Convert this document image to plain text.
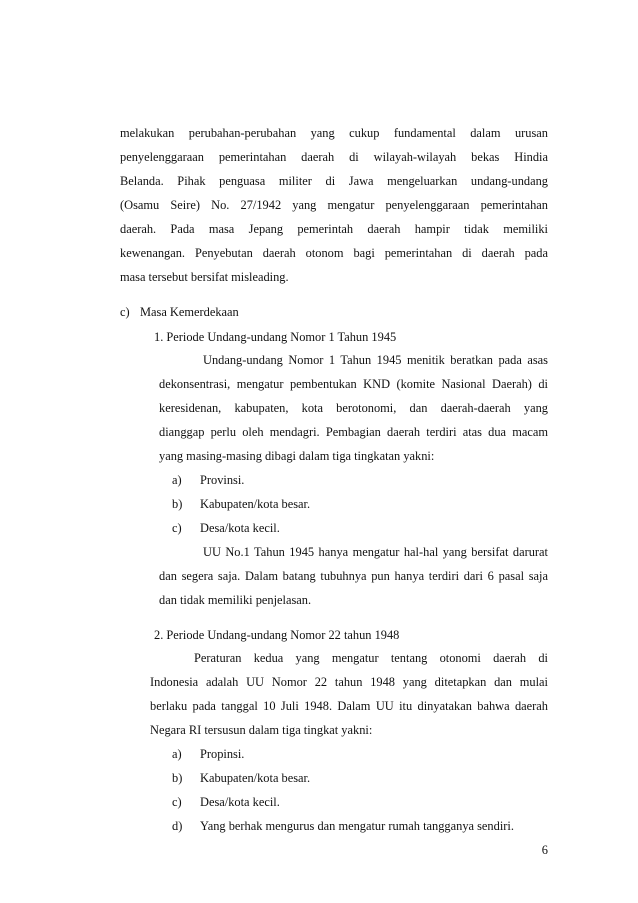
melakukan perubahan-perubahan yang cukup fundamental dalam urusan
penyelenggaraan pemerintahan daerah di wilayah-wilayah bekas Hindia
Belanda. Pihak penguasa militer di Jawa mengeluarkan undang-undang
(Osamu Seire) No. 27/1942 yang mengatur penyelenggaraan pemerintahan
daerah. Pada masa Jepang pemerintah daerah hampir tidak memiliki
kewenangan. Penyebutan daerah otonom bagi pemerintahan di daerah pada
masa tersebut bersifat misleading.
c) Masa Kemerdekaan
1. Periode Undang-undang Nomor 1 Tahun 1945
Undang-undang Nomor 1 Tahun 1945 menitik beratkan pada asas
dekonsentrasi, mengatur pembentukan KND (komite Nasional Daerah) di
keresidenan, kabupaten, kota berotonomi, dan daerah-daerah yang
dianggap perlu oleh mendagri. Pembagian daerah terdiri atas dua macam
yang masing-masing dibagi dalam tiga tingkatan yakni:
a) Provinsi.
b) Kabupaten/kota besar.
c) Desa/kota kecil.
UU No.1 Tahun 1945 hanya mengatur hal-hal yang bersifat darurat
dan segera saja. Dalam batang tubuhnya pun hanya terdiri dari 6 pasal saja
dan tidak memiliki penjelasan.
2. Periode Undang-undang Nomor 22 tahun 1948
Peraturan kedua yang mengatur tentang otonomi daerah di
Indonesia adalah UU Nomor 22 tahun 1948 yang ditetapkan dan mulai
berlaku pada tanggal 10 Juli 1948. Dalam UU itu dinyatakan bahwa daerah
Negara RI tersusun dalam tiga tingkat yakni:
a) Propinsi.
b) Kabupaten/kota besar.
c) Desa/kota kecil.
d) Yang berhak mengurus dan mengatur rumah tangganya sendiri.
6
